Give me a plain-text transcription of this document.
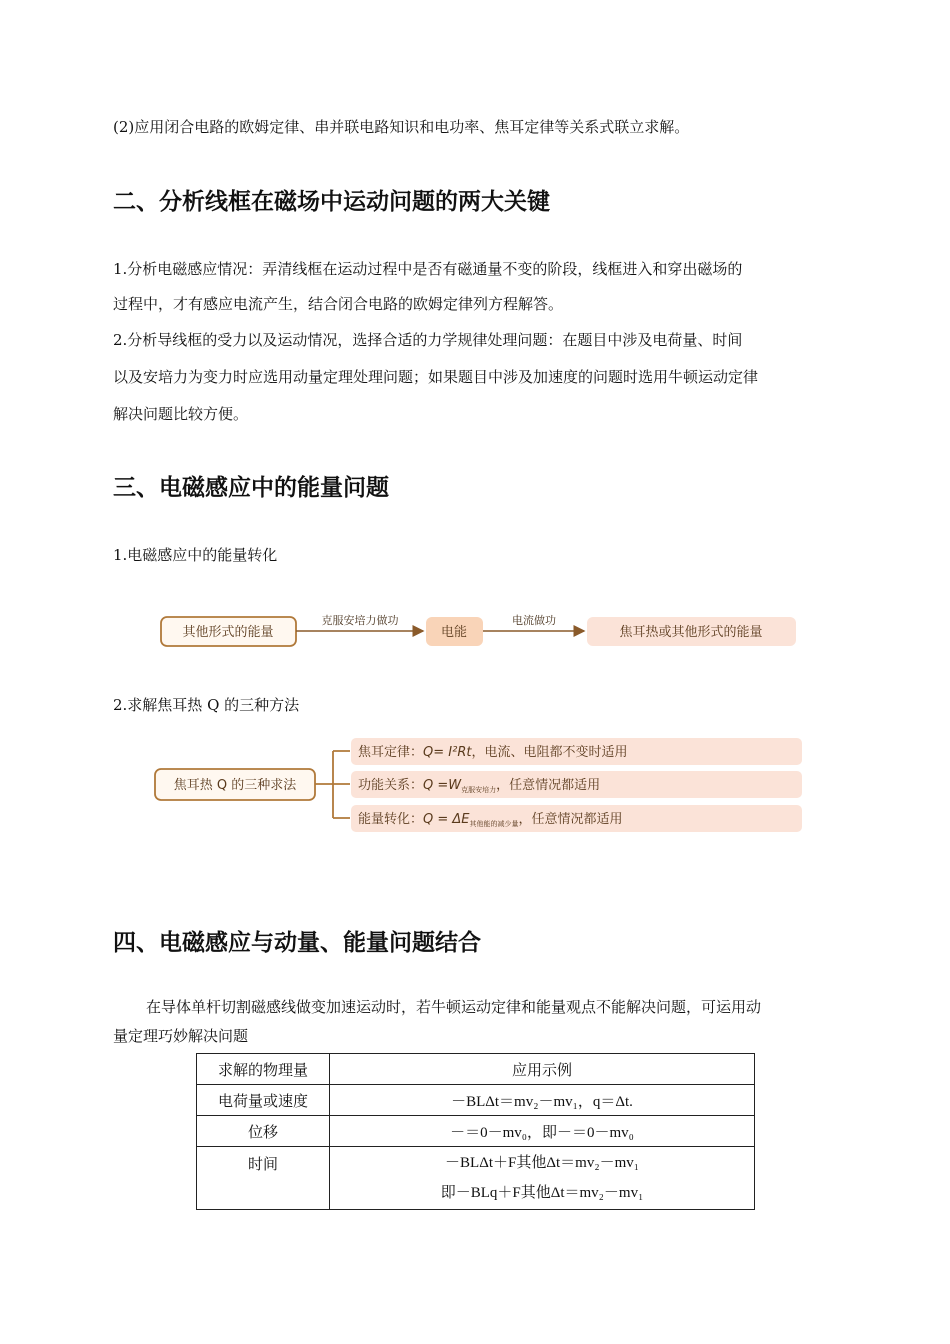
(2)应用闭合电路的欧姆定律、串并联电路知识和电功率、焦耳定律等关系式联立求解。
二、分析线框在磁场中运动问题的两大关键
1.分析电磁感应情况：弄清线框在运动过程中是否有磁通量不变的阶段，线框进入和穿出磁场的
过程中，才有感应电流产生，结合闭合电路的欧姆定律列方程解答。
2.分析导线框的受力以及运动情况，选择合适的力学规律处理问题：在题目中涉及电荷量、时间
以及安培力为变力时应选用动量定理处理问题；如果题目中涉及加速度的问题时选用牛顿运动定律
解决问题比较方便。
三、电磁感应中的能量问题
1.电磁感应中的能量转化
其他形式的能量
克服安培力做功
电能
电流做功
焦耳热或其他形式的能量
2.求解焦耳热 Q 的三种方法
焦耳热 Q 的三种求法
焦耳定律：Q= I²Rt，电流、电阻都不变时适用
功能关系：$Q =W_{克服安培力}$，任意情况都适用
能量转化：$Q = \Delta E_{其他能的减少量}$，任意情况都适用
四、电磁感应与动量、能量问题结合
在导体单杆切割磁感线做变加速运动时，若牛顿运动定律和能量观点不能解决问题，可运用动
量定理巧妙解决问题
求解的物理量	应用示例
电荷量或速度	－BLΔt＝mv₂－mv₁，q＝Δt.
位移	－＝0－mv₀，即－＝0－mv₀
时间	－BLΔt＋F其他Δt＝mv₂－mv₁
即－BLq＋F其他Δt＝mv₂－mv₁
